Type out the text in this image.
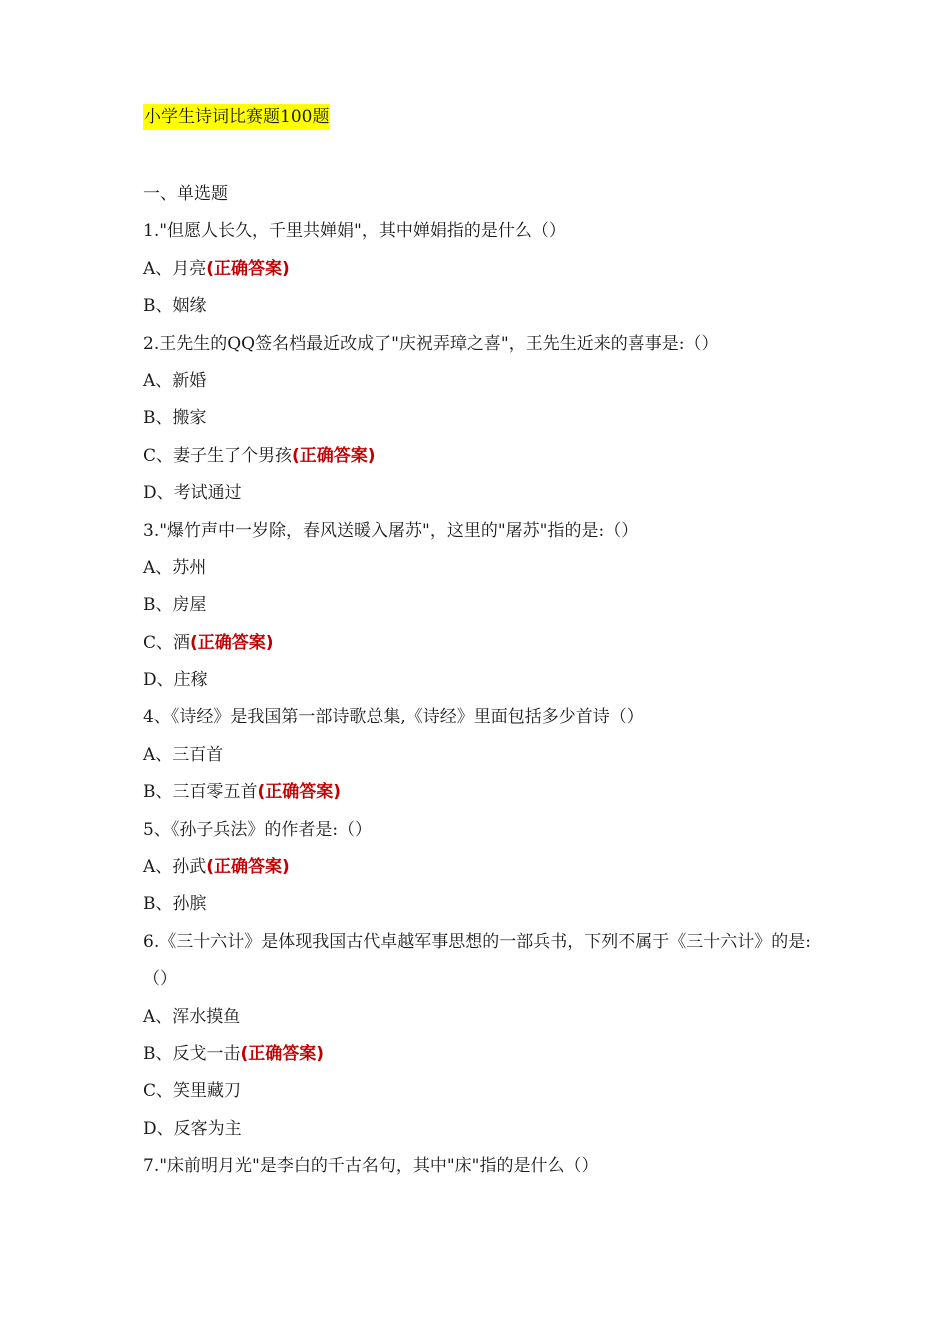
小学生诗词比赛题100题
一、单选题
1."但愿人长久，千里共婵娟"，其中婵娟指的是什么（）
A、月亮(正确答案)
B、姻缘
2.王先生的QQ签名档最近改成了"庆祝弄璋之喜"，王先生近来的喜事是:（）
A、新婚
B、搬家
C、妻子生了个男孩(正确答案)
D、考试通过
3."爆竹声中一岁除，春风送暖入屠苏"，这里的"屠苏"指的是:（）
A、苏州
B、房屋
C、酒(正确答案)
D、庄稼
4、《诗经》是我国第一部诗歌总集,《诗经》里面包括多少首诗（）
A、三百首
B、三百零五首(正确答案)
5、《孙子兵法》的作者是:（）
A、孙武(正确答案)
B、孙膑
6.《三十六计》是体现我国古代卓越军事思想的一部兵书，下列不属于《三十六计》的是:（）
A、浑水摸鱼
B、反戈一击(正确答案)
C、笑里藏刀
D、反客为主
7."床前明月光"是李白的千古名句，其中"床"指的是什么（）
